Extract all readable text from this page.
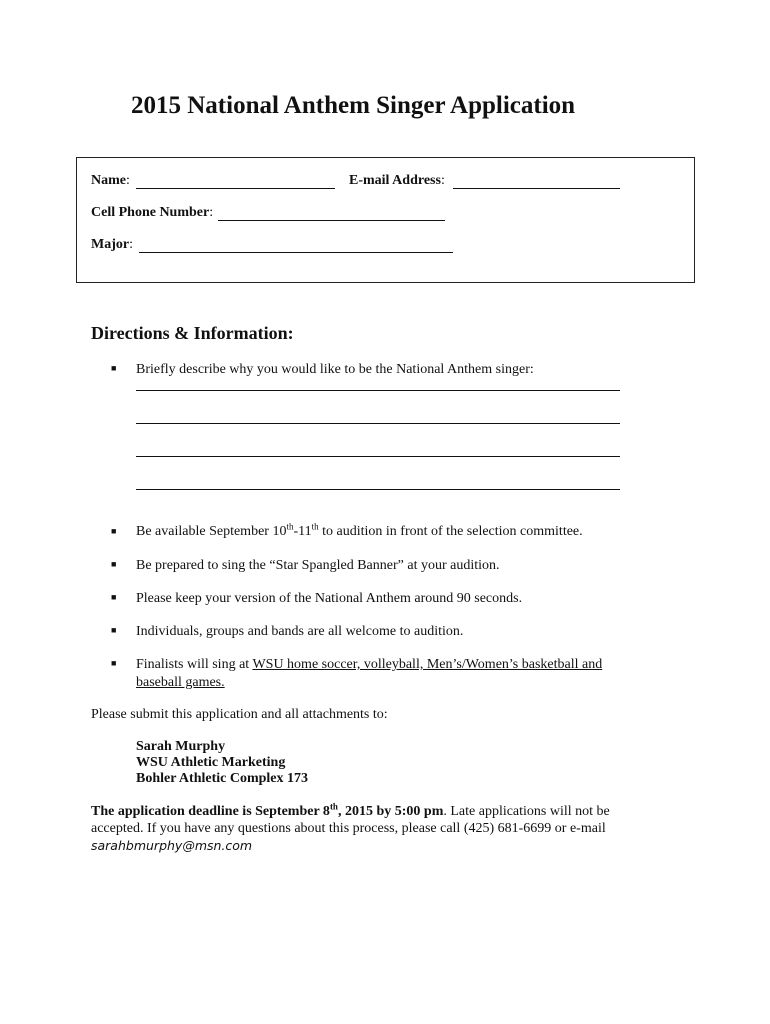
2015 National Anthem Singer Application
Name:	E-mail Address:
Cell Phone Number:
Major:
Directions & Information:
■ Briefly describe why you would like to be the National Anthem singer:
■ Be available September 10th-11th to audition in front of the selection committee.
■ Be prepared to sing the “Star Spangled Banner” at your audition.
■ Please keep your version of the National Anthem around 90 seconds.
■ Individuals, groups and bands are all welcome to audition.
■ Finalists will sing at WSU home soccer, volleyball, Men’s/Women’s basketball and baseball games.
Please submit this application and all attachments to:
Sarah Murphy
WSU Athletic Marketing
Bohler Athletic Complex 173
The application deadline is September 8th, 2015 by 5:00 pm. Late applications will not be accepted. If you have any questions about this process, please call (425) 681-6699 or e-mail
sarahbmurphy@msn.com
